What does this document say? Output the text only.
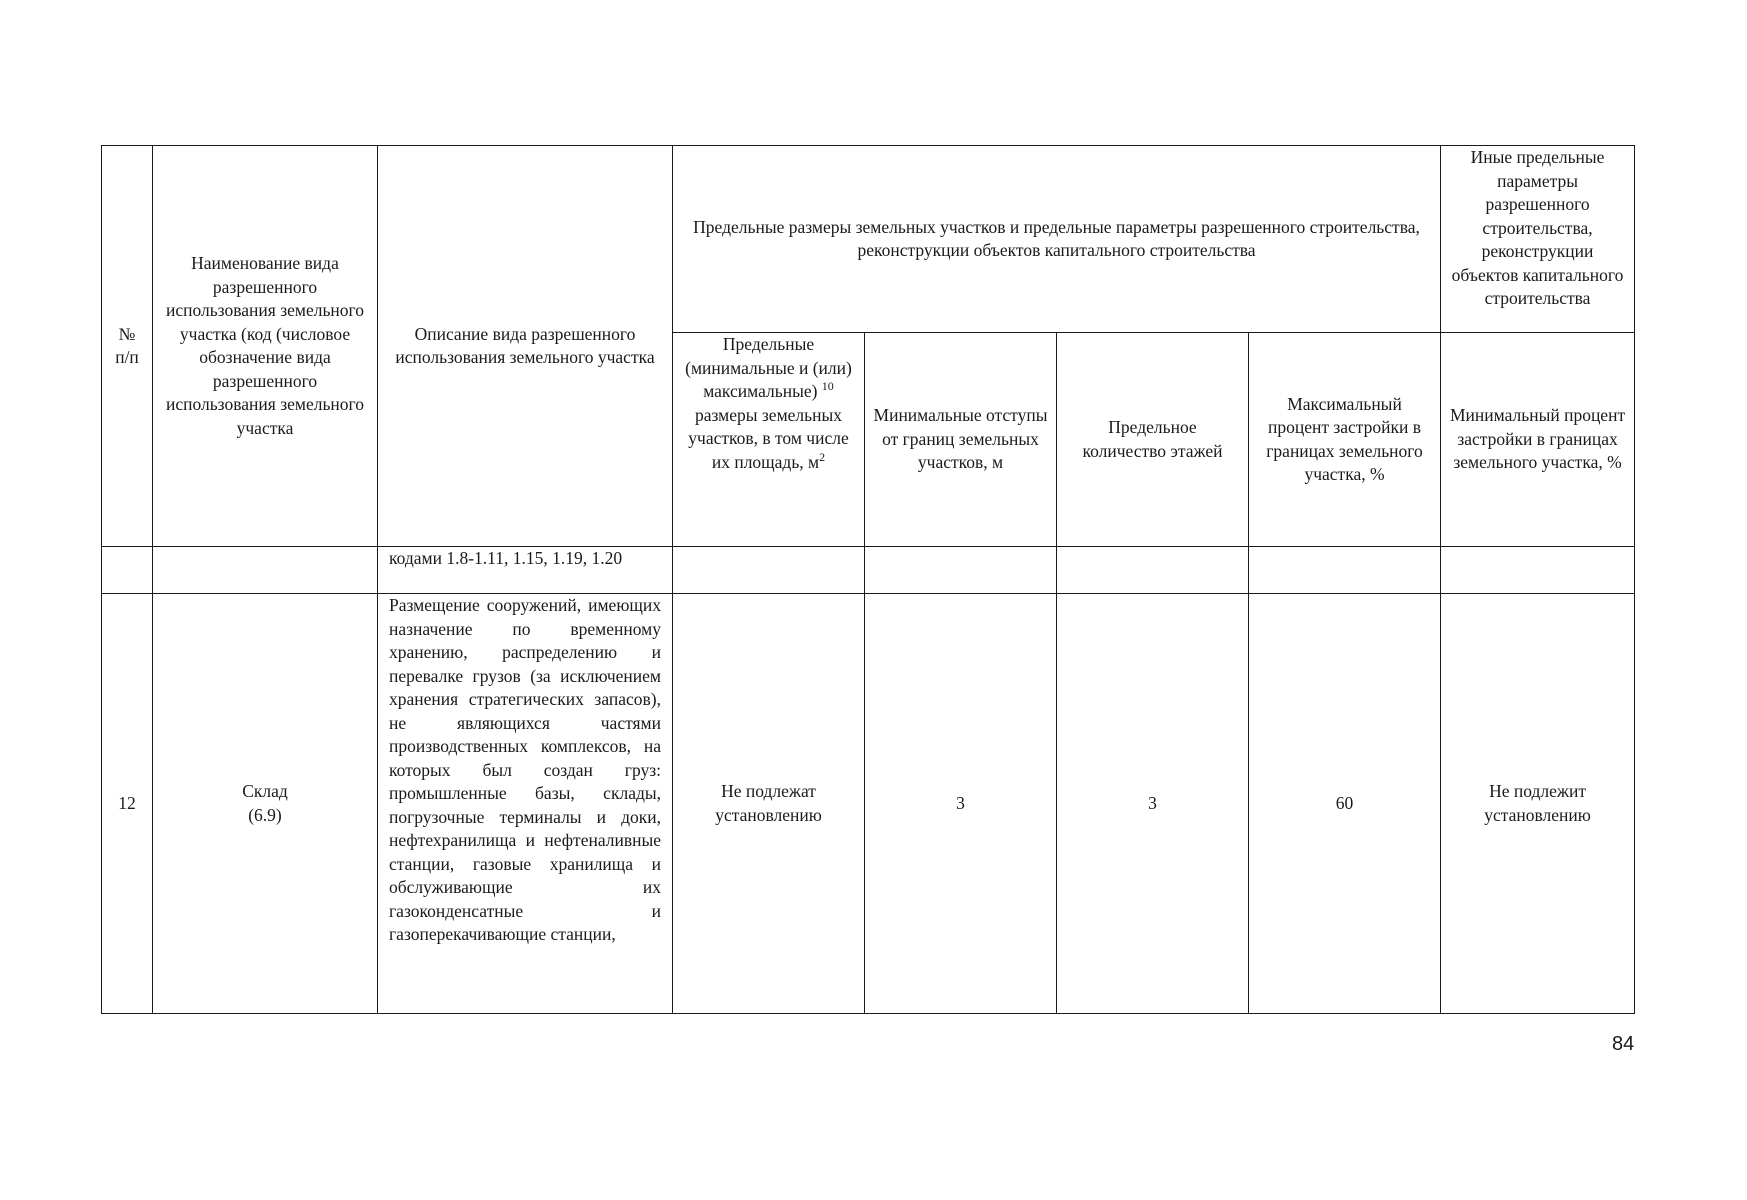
№ п/п	Наименование вида разрешенного использования земельного участка (код (числовое обозначение вида разрешенного использования земельного участка	Описание вида разрешенного использования земельного участка	Предельные размеры земельных участков и предельные параметры разрешенного строительства, реконструкции объектов капитального строительства				Иные предельные параметры разрешенного строительства, реконструкции объектов капитального строительства
			Предельные (минимальные и (или) максимальные) $^{10}$ размеры земельных участков, в том числе их площадь, $м^2$	Минимальные отступы от границ земельных участков, м	Предельное количество этажей	Максимальный процент застройки в границах земельного участка, %	Минимальный процент застройки в границах земельного участка, %
		кодами 1.8-1.11, 1.15, 1.19, 1.20					
12	Склад (6.9)	Размещение сооружений, имеющих назначение по временному хранению, распределению и перевалке грузов (за исключением хранения стратегических запасов), не являющихся частями производственных комплексов, на которых был создан груз: промышленные базы, склады, погрузочные терминалы и доки, нефтехранилища и нефтеналивные станции, газовые хранилища и обслуживающие их газоконденсатные и газоперекачивающие станции,	Не подлежат установлению	3	3	60	Не подлежит установлению
84
